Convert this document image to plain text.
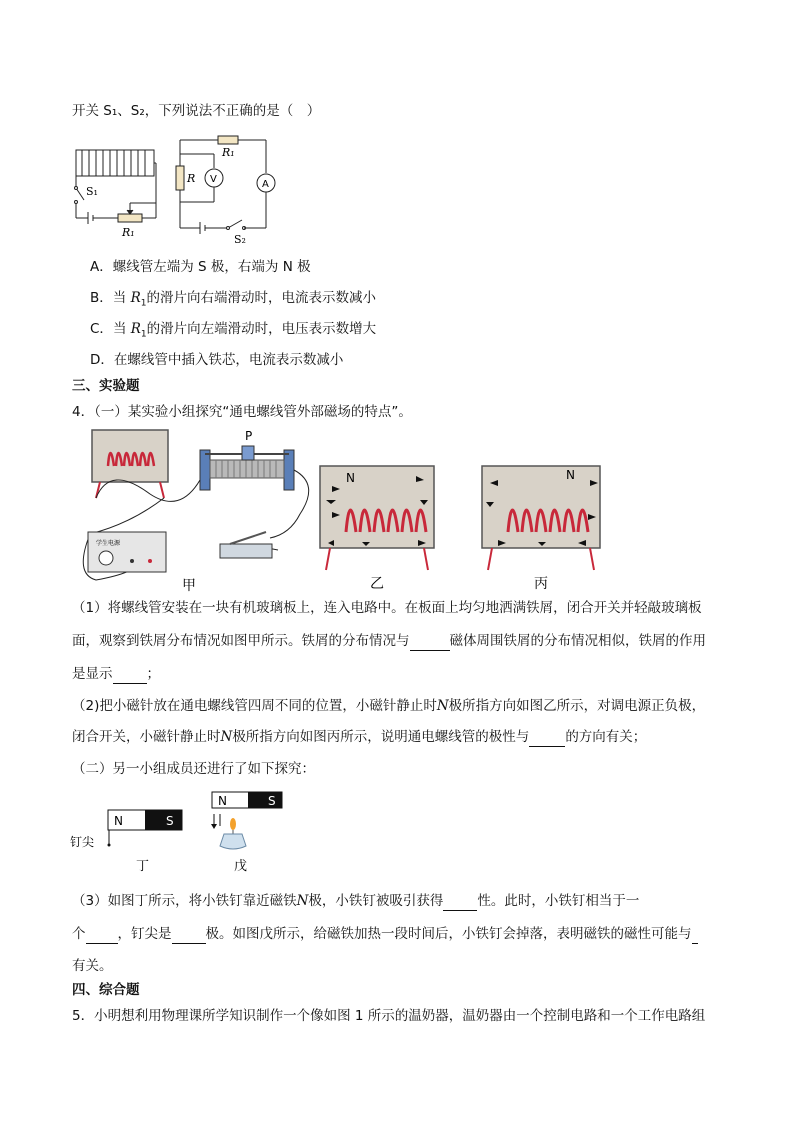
开关 S₁、S₂，下列说法不正确的是（　）
S₁
R₁
R₁
R V	A
S₂
A．螺线管左端为 S 极，右端为 N 极
B．当 $R_1$的滑片向右端滑动时，电流表示数减小
C．当 $R_1$的滑片向左端滑动时，电压表示数增大
D．在螺线管中插入铁芯，电流表示数减小
三、实验题
4．（一）某实验小组探究“通电螺线管外部磁场的特点”。
P
学生电源
甲
N
乙
N
丙
（1）将螺线管安装在一块有机玻璃板上，连入电路中。在板面上均匀地洒满铁屑，闭合开关并轻敲玻璃板
面，观察到铁屑分布情况如图甲所示。铁屑的分布情况与	磁体周围铁屑的分布情况相似，铁屑的作用
是显示	；
（2)把小磁针放在通电螺线管四周不同的位置，小磁针静止时N极所指方向如图乙所示，对调电源正负极，
闭合开关，小磁针静止时N极所指方向如图丙所示，说明通电螺线管的极性与	的方向有关；
（二）另一小组成员还进行了如下探究：
N	S
钉尖
丁
N	S
戊
（3）如图丁所示，将小铁钉靠近磁铁N极，小铁钉被吸引获得	性。此时，小铁钉相当于一
个 ，钉尖是	极。如图戊所示，给磁铁加热一段时间后，小铁钉会掉落，表明磁铁的磁性可能与
有关。
四、综合题
5．小明想利用物理课所学知识制作一个像如图 1 所示的温奶器，温奶器由一个控制电路和一个工作电路组
